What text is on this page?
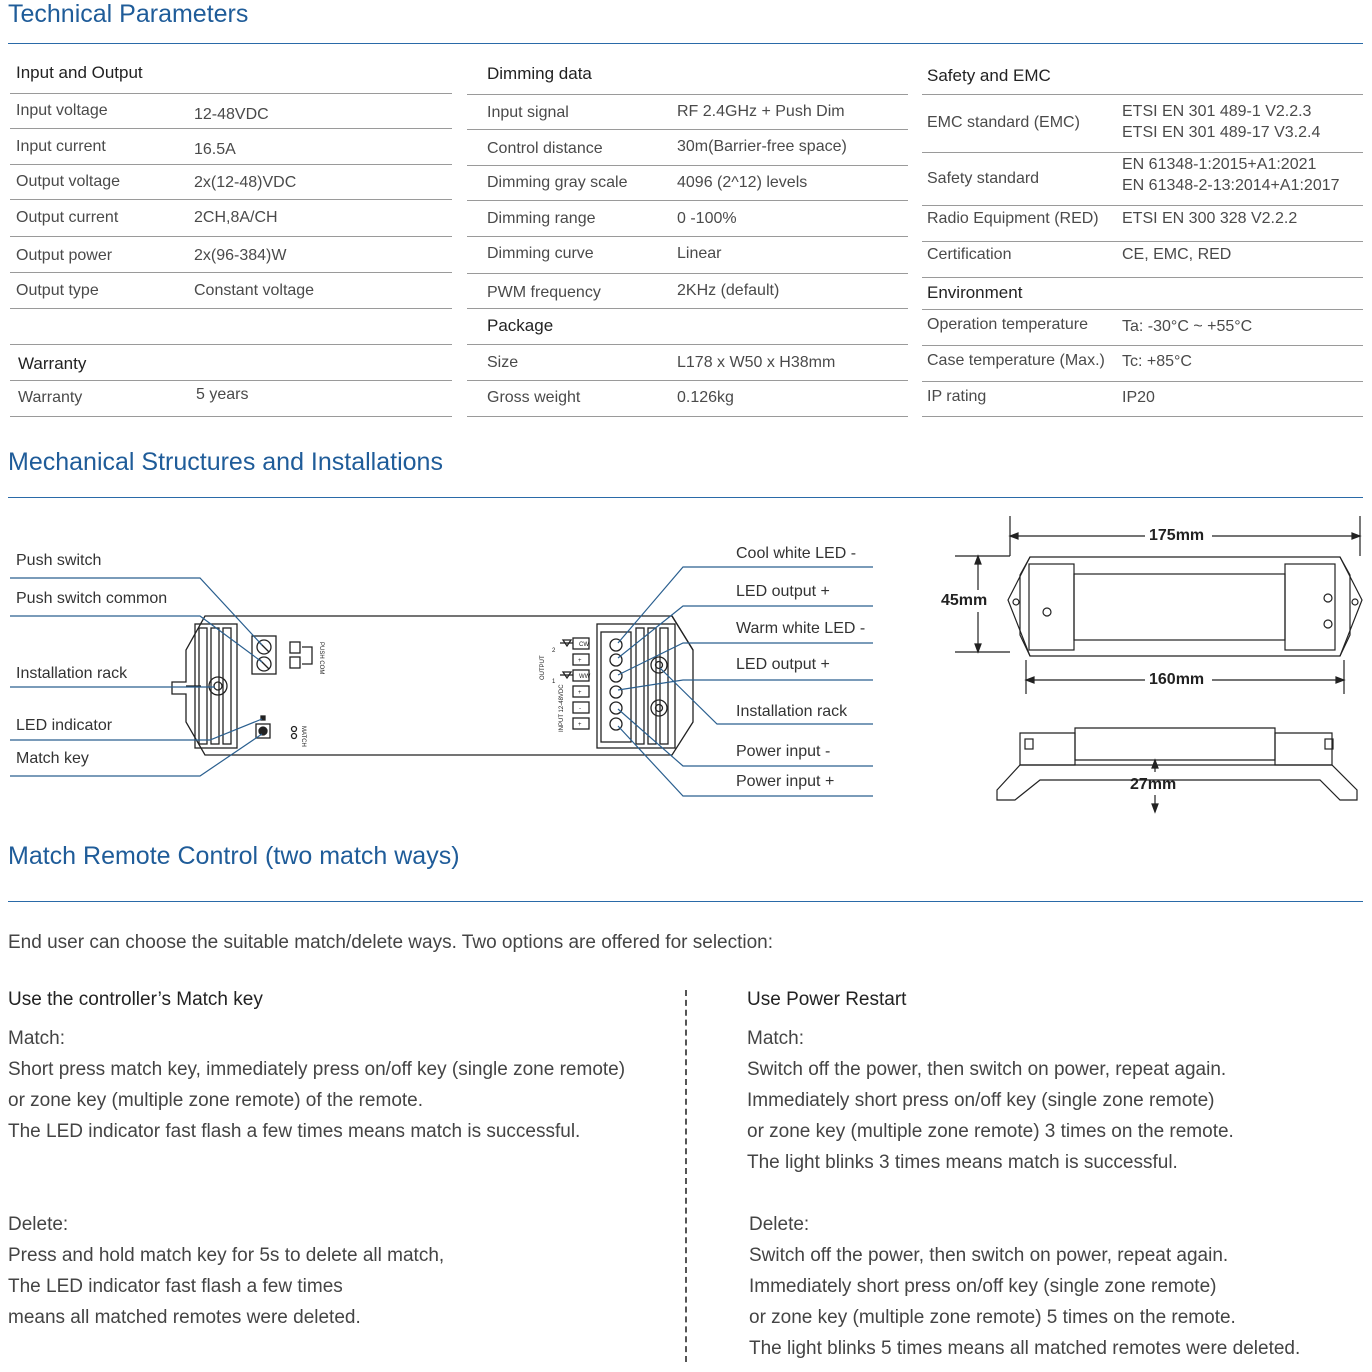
Technical Parameters
Input and Output
Input voltage	12-48VDC
Input current	16.5A
Output voltage	2x(12-48)VDC
Output current	2CH,8A/CH
Output power	2x(96-384)W
Output type	Constant voltage
Warranty
Warranty	5 years
Dimming data
Input signal	RF 2.4GHz + Push Dim
Control distance	30m(Barrier-free space)
Dimming gray scale	4096 (2^12) levels
Dimming range	0 -100%
Dimming curve	Linear
PWM frequency	2KHz (default)
Package
Size	L178 x W50 x H38mm
Gross weight	0.126kg
Safety and EMC
EMC standard (EMC)
ETSI EN 301 489-1 V2.2.3
ETSI EN 301 489-17 V3.2.4
Safety standard
EN 61348-1:2015+A1:2021
EN 61348-2-13:2014+A1:2017
Radio Equipment (RED) ETSI EN 300 328 V2.2.2
Certification	CE, EMC, RED
Environment
Operation temperature Ta: -30°C ~ +55°C
Case temperature (Max.) Tc: +85°C
IP rating	IP20
Mechanical Structures and Installations
CW
WW
+
+
-
+
2
1
OUTPUT
INPUT 12-48VDC
PUSH COM
MATCH
Push switch
Push switch common
Installation rack
LED indicator
Match key
Cool white LED -
LED output +
Warm white LED -
LED output +
Installation rack
Power input -
Power input +
175mm
160mm
45mm
27mm
Match Remote Control (two match ways)
End user can choose the suitable match/delete ways. Two options are offered for selection:
Use the controller’s Match key
Match:
Short press match key, immediately press on/off key (single zone remote)
or zone key (multiple zone remote) of the remote.
The LED indicator fast flash a few times means match is successful.
Delete:
Press and hold match key for 5s to delete all match,
The LED indicator fast flash a few times
means all matched remotes were deleted.
Use Power Restart
Match:
Switch off the power, then switch on power, repeat again.
Immediately short press on/off key (single zone remote)
or zone key (multiple zone remote) 3 times on the remote.
The light blinks 3 times means match is successful.
Delete:
Switch off the power, then switch on power, repeat again.
Immediately short press on/off key (single zone remote)
or zone key (multiple zone remote) 5 times on the remote.
The light blinks 5 times means all matched remotes were deleted.
